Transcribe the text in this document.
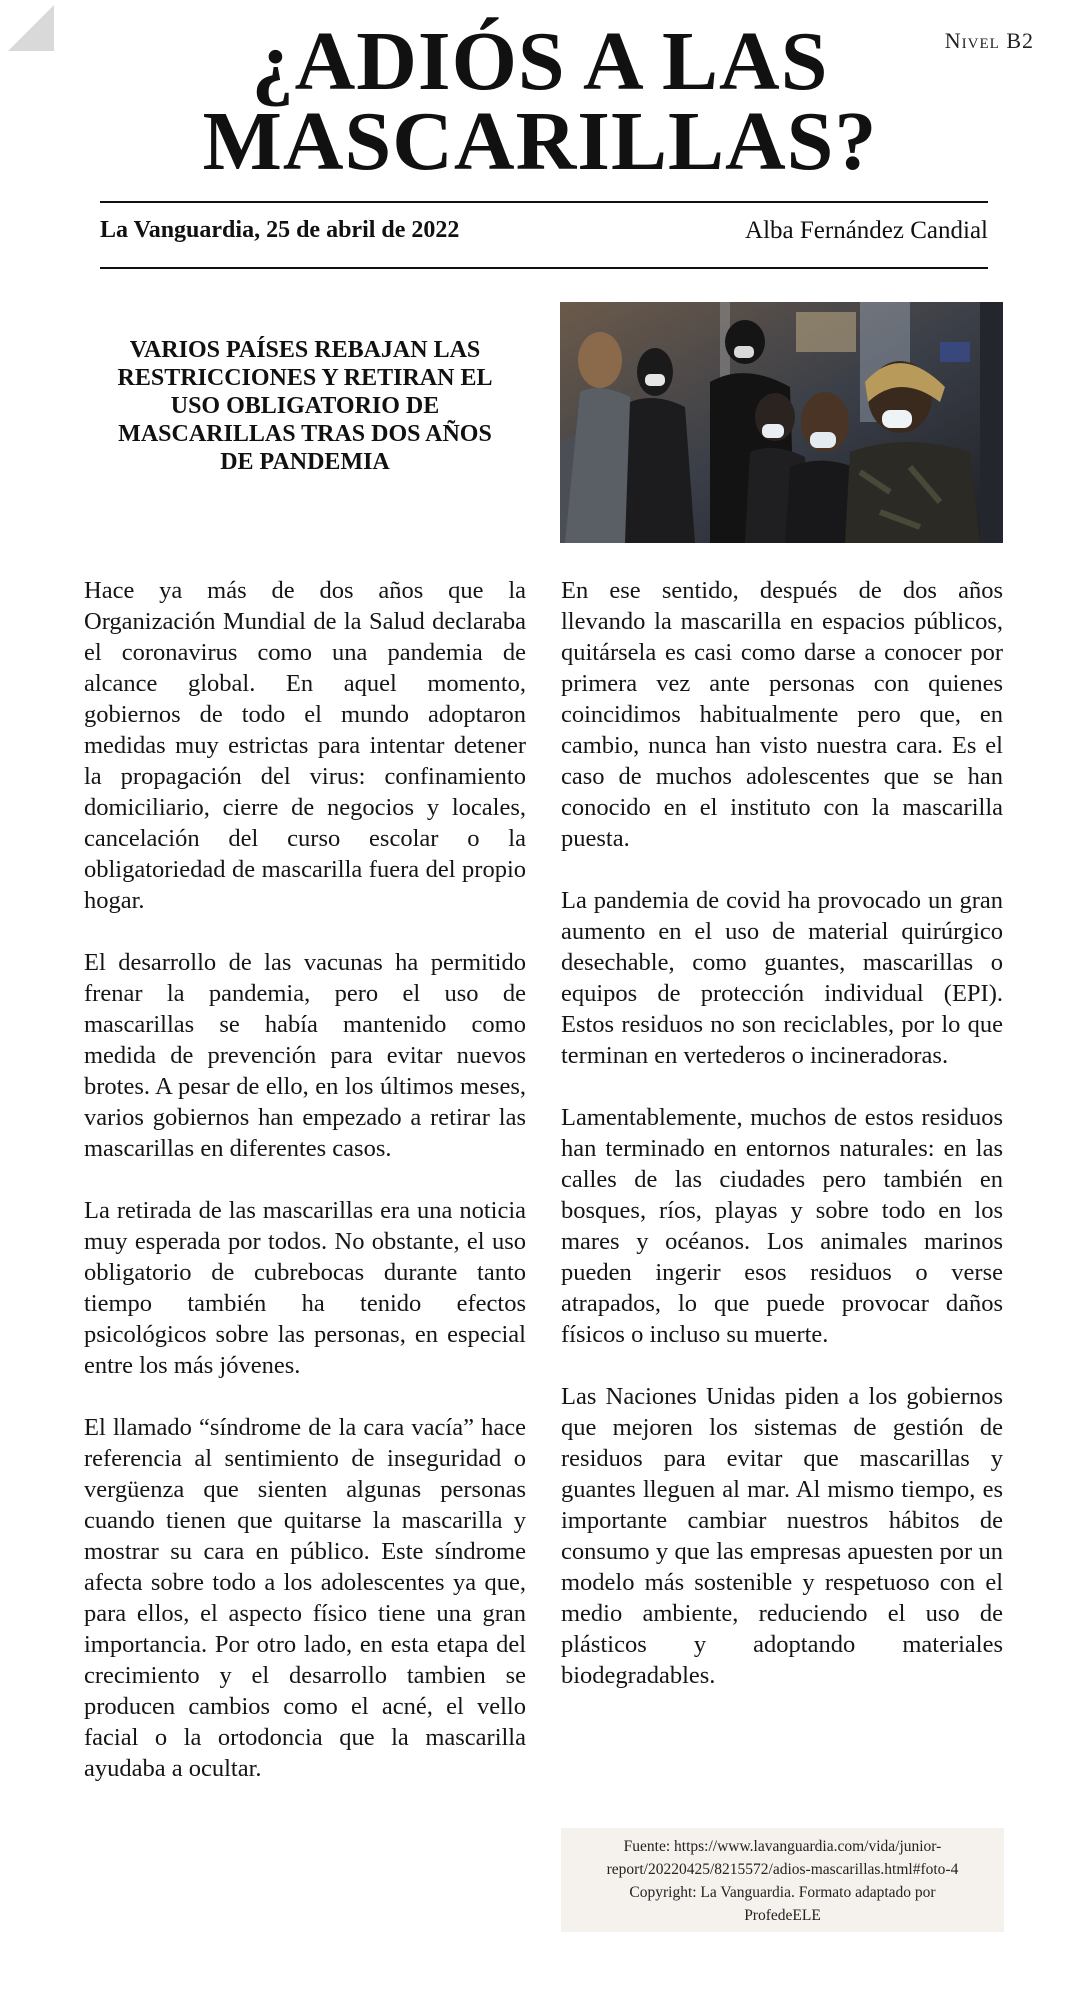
Nivel B2
¿ADIÓS A LAS
MASCARILLAS?
La Vanguardia, 25 de abril de 2022	Alba Fernández Candial
VARIOS PAÍSES REBAJAN LAS RESTRICCIONES Y RETIRAN EL USO OBLIGATORIO DE MASCARILLAS TRAS DOS AÑOS DE PANDEMIA

Hace ya más de dos años que la Organización Mundial de la Salud declaraba el coronavirus como una pandemia de alcance global. En aquel momento, gobiernos de todo el mundo adoptaron medidas muy estrictas para intentar detener la propagación del virus: confinamiento domiciliario, cierre de negocios y locales, cancelación del curso escolar o la obligatoriedad de mascarilla fuera del propio hogar.

El desarrollo de las vacunas ha permitido frenar la pandemia, pero el uso de mascarillas se había mantenido como medida de prevención para evitar nuevos brotes. A pesar de ello, en los últimos meses, varios gobiernos han empezado a retirar las mascarillas en diferentes casos.

La retirada de las mascarillas era una noticia muy esperada por todos. No obstante, el uso obligatorio de cubrebocas durante tanto tiempo también ha tenido efectos psicológicos sobre las personas, en especial entre los más jóvenes.

El llamado “síndrome de la cara vacía” hace referencia al sentimiento de inseguridad o vergüenza que sienten algunas personas cuando tienen que quitarse la mascarilla y mostrar su cara en público. Este síndrome afecta sobre todo a los adolescentes ya que, para ellos, el aspecto físico tiene una gran importancia. Por otro lado, en esta etapa del crecimiento y el desarrollo tambien se producen cambios como el acné, el vello facial o la ortodoncia que la mascarilla ayudaba a ocultar.

En ese sentido, después de dos años llevando la mascarilla en espacios públicos, quitársela es casi como darse a conocer por primera vez ante personas con quienes coincidimos habitualmente pero que, en cambio, nunca han visto nuestra cara. Es el caso de muchos adolescentes que se han conocido en el instituto con la mascarilla puesta.

La pandemia de covid ha provocado un gran aumento en el uso de material quirúrgico desechable, como guantes, mascarillas o equipos de protección individual (EPI). Estos residuos no son reciclables, por lo que terminan en vertederos o incineradoras.

Lamentablemente, muchos de estos residuos han terminado en entornos naturales: en las calles de las ciudades pero también en bosques, ríos, playas y sobre todo en los mares y océanos. Los animales marinos pueden ingerir esos residuos o verse atrapados, lo que puede provocar daños físicos o incluso su muerte.

Las Naciones Unidas piden a los gobiernos que mejoren los sistemas de gestión de residuos para evitar que mascarillas y guantes lleguen al mar. Al mismo tiempo, es importante cambiar nuestros hábitos de consumo y que las empresas apuesten por un modelo más sostenible y respetuoso con el medio ambiente, reduciendo el uso de plásticos y adoptando materiales biodegradables.

Fuente: https://www.lavanguardia.com/vida/junior-
report/20220425/8215572/adios-mascarillas.html#foto-4
Copyright: La Vanguardia. Formato adaptado por
ProfedeELE
